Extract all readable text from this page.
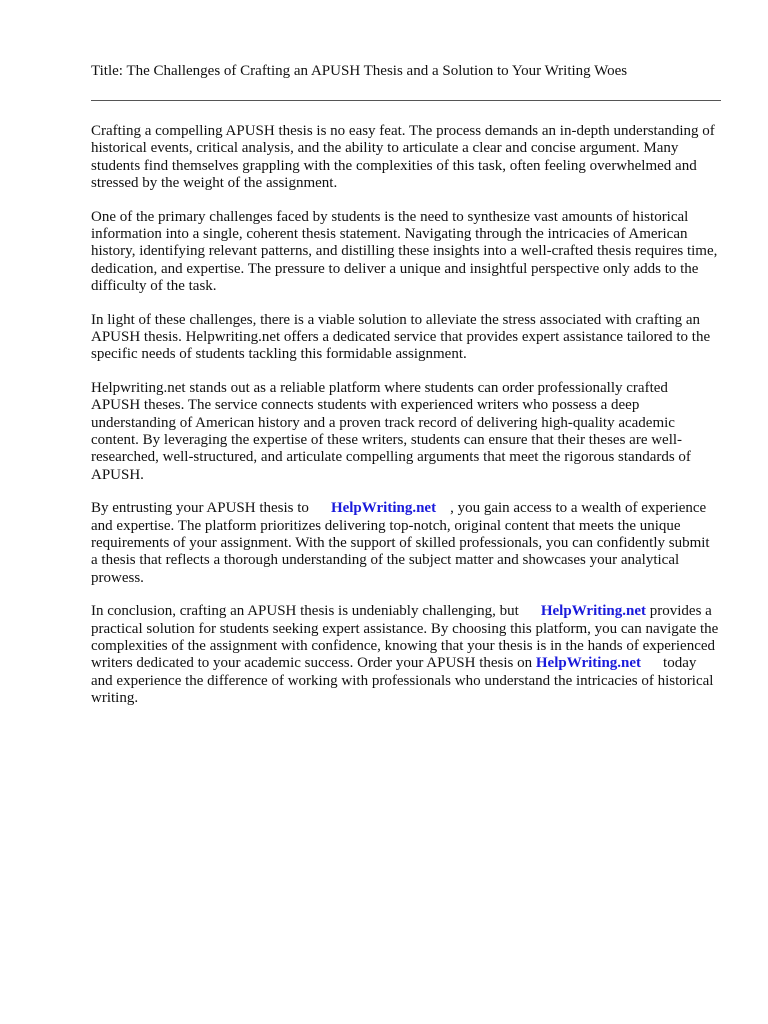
Title: The Challenges of Crafting an APUSH Thesis and a Solution to Your Writing Woes

Crafting a compelling APUSH thesis is no easy feat. The process demands an in-depth understanding of historical events, critical analysis, and the ability to articulate a clear and concise argument. Many students find themselves grappling with the complexities of this task, often feeling overwhelmed and stressed by the weight of the assignment.

One of the primary challenges faced by students is the need to synthesize vast amounts of historical information into a single, coherent thesis statement. Navigating through the intricacies of American history, identifying relevant patterns, and distilling these insights into a well-crafted thesis requires time, dedication, and expertise. The pressure to deliver a unique and insightful perspective only adds to the difficulty of the task.

In light of these challenges, there is a viable solution to alleviate the stress associated with crafting an APUSH thesis. Helpwriting.net offers a dedicated service that provides expert assistance tailored to the specific needs of students tackling this formidable assignment.

Helpwriting.net stands out as a reliable platform where students can order professionally crafted APUSH theses. The service connects students with experienced writers who possess a deep understanding of American history and a proven track record of delivering high-quality academic content. By leveraging the expertise of these writers, students can ensure that their theses are well-researched, well-structured, and articulate compelling arguments that meet the rigorous standards of APUSH.

By entrusting your APUSH thesis to HelpWriting.net , you gain access to a wealth of experience and expertise. The platform prioritizes delivering top-notch, original content that meets the unique requirements of your assignment. With the support of skilled professionals, you can confidently submit a thesis that reflects a thorough understanding of the subject matter and showcases your analytical prowess.

In conclusion, crafting an APUSH thesis is undeniably challenging, but HelpWriting.net provides a practical solution for students seeking expert assistance. By choosing this platform, you can navigate the complexities of the assignment with confidence, knowing that your thesis is in the hands of experienced writers dedicated to your academic success. Order your APUSH thesis on HelpWriting.net today and experience the difference of working with professionals who understand the intricacies of historical writing.
